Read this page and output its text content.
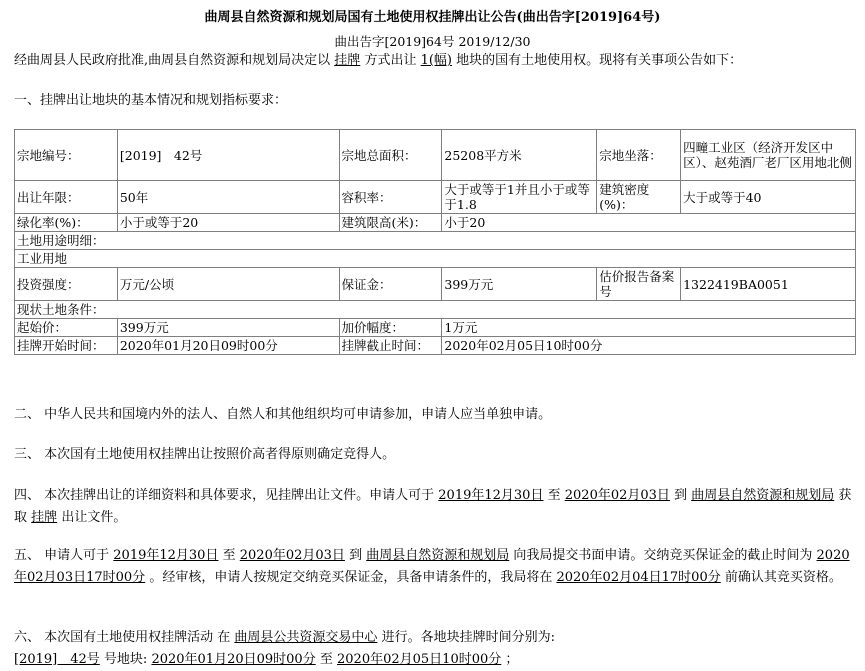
曲周县自然资源和规划局国有土地使用权挂牌出让公告(曲出告字[2019]64号)
曲出告字[2019]64号 2019/12/30
经曲周县人民政府批准,曲周县自然资源和规划局决定以 挂牌 方式出让 1(幅) 地块的国有土地使用权。现将有关事项公告如下：
一、挂牌出让地块的基本情况和规划指标要求：
宗地编号：	[2019]　42号	宗地总面积：	25208平方米	宗地坐落：	四疃工业区（经济开发区中区）、赵苑酒厂老厂区用地北侧
出让年限：	50年	容积率：	大于或等于1并且小于或等于1.8	建筑密度(%)：	大于或等于40
绿化率(%)：	小于或等于20	建筑限高(米)：	小于20		
土地用途明细：					
工业用地					
投资强度：	万元/公顷	保证金：	399万元	估价报告备案号	1322419BA0051
现状土地条件：					
起始价：	399万元	加价幅度：	1万元		
挂牌开始时间：	2020年01月20日09时00分	挂牌截止时间：	2020年02月05日10时00分		
二、 中华人民共和国境内外的法人、自然人和其他组织均可申请参加，申请人应当单独申请。
三、 本次国有土地使用权挂牌出让按照价高者得原则确定竞得人。
四、 本次挂牌出让的详细资料和具体要求，见挂牌出让文件。申请人可于 2019年12月30日 至 2020年02月03日 到 曲周县自然资源和规划局 获取 挂牌 出让文件。
五、 申请人可于 2019年12月30日 至 2020年02月03日 到 曲周县自然资源和规划局 向我局提交书面申请。交纳竞买保证金的截止时间为 2020年02月03日17时00分 。经审核，申请人按规定交纳竞买保证金，具备申请条件的，我局将在 2020年02月04日17时00分 前确认其竞买资格。
六、 本次国有土地使用权挂牌活动 在 曲周县公共资源交易中心 进行。各地块挂牌时间分别为:
[2019]　42号 号地块: 2020年01月20日09时00分 至 2020年02月05日10时00分 ；
